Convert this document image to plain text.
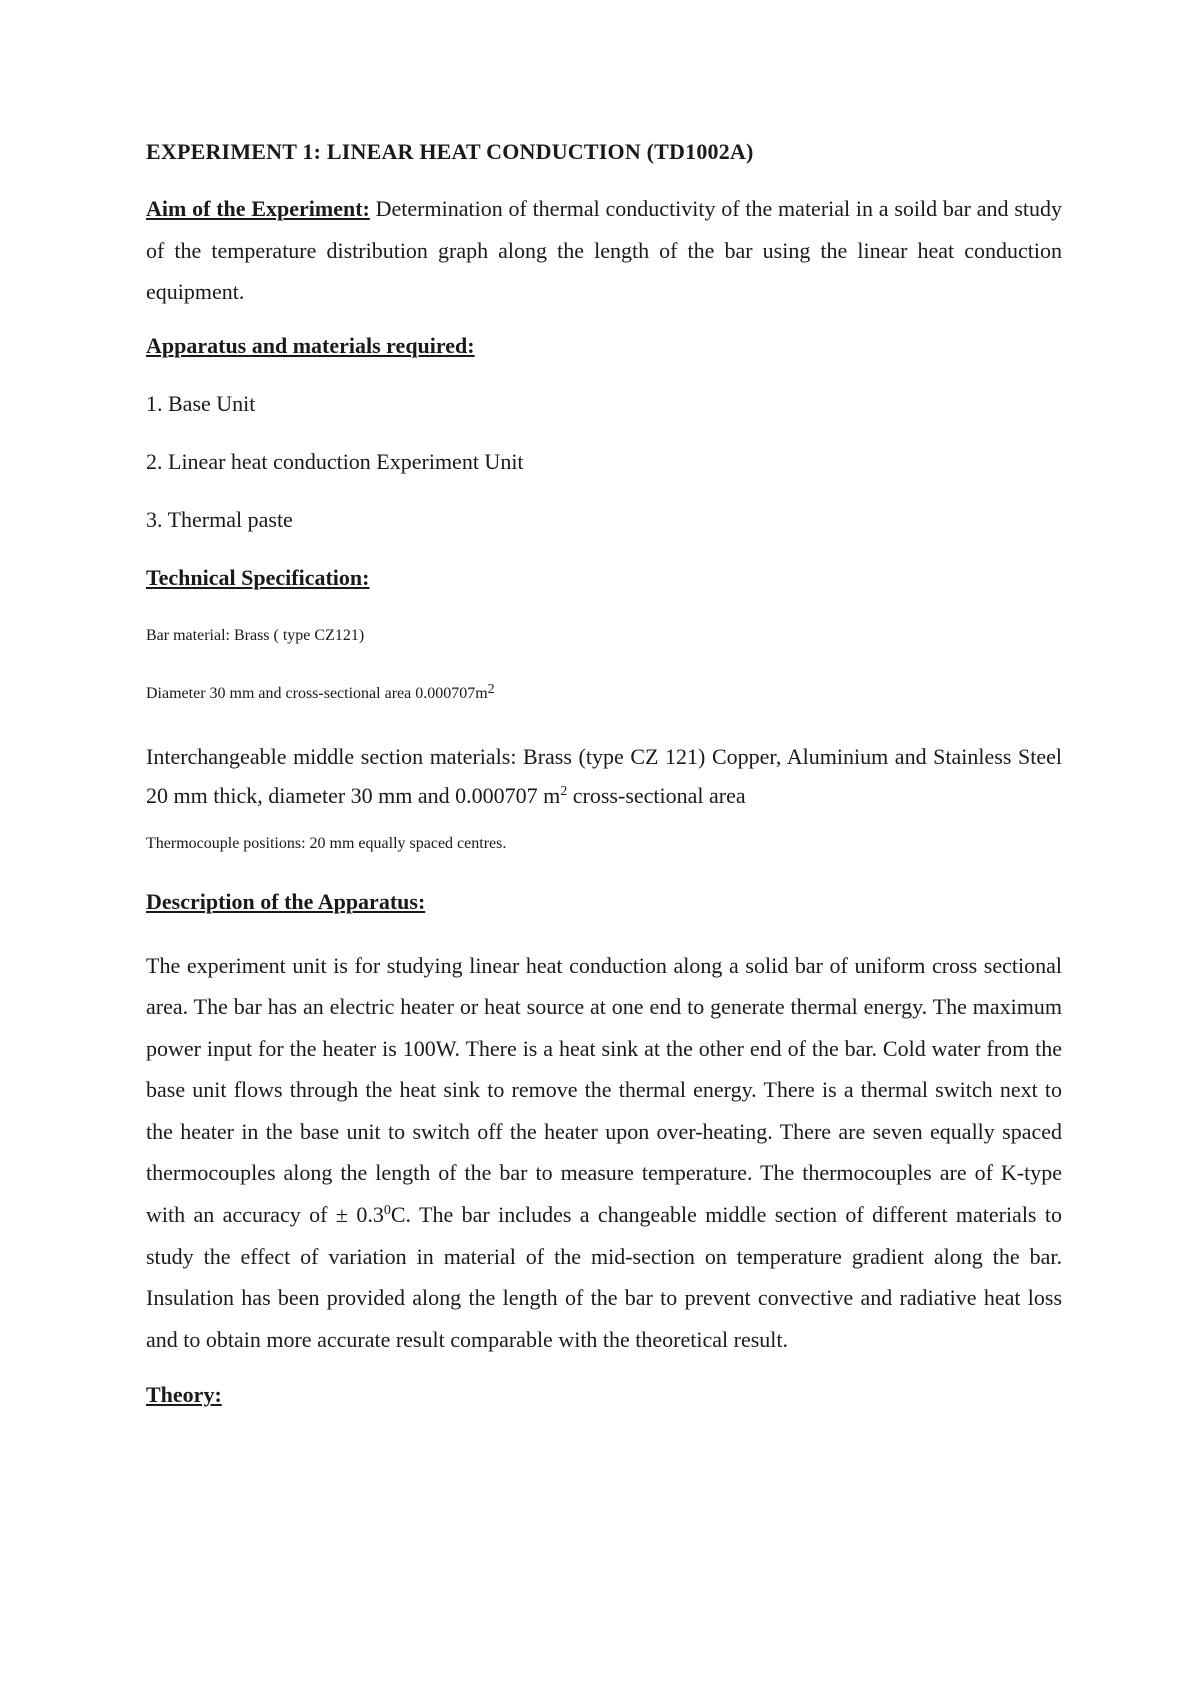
EXPERIMENT 1: LINEAR HEAT CONDUCTION (TD1002A)

Aim of the Experiment: Determination of thermal conductivity of the material in a soild bar and study of the temperature distribution graph along the length of the bar using the linear heat conduction equipment.

Apparatus and materials required:
1. Base Unit
2. Linear heat conduction Experiment Unit
3. Thermal paste
Technical Specification:
Bar material: Brass ( type CZ121)
Diameter 30 mm and cross-sectional area $0.000707m^2$

Interchangeable middle section materials: Brass (type CZ 121) Copper, Aluminium and Stainless Steel 20 mm thick, diameter 30 mm and 0.000707 $m^2$ cross-sectional area

Thermocouple positions: 20 mm equally spaced centres.
Description of the Apparatus:

The experiment unit is for studying linear heat conduction along a solid bar of uniform cross sectional area. The bar has an electric heater or heat source at one end to generate thermal energy. The maximum power input for the heater is 100W. There is a heat sink at the other end of the bar. Cold water from the base unit flows through the heat sink to remove the thermal energy. There is a thermal switch next to the heater in the base unit to switch off the heater upon over-heating. There are seven equally spaced thermocouples along the length of the bar to measure temperature. The thermocouples are of K-type with an accuracy of ± $0.3^0C$. The bar includes a changeable middle section of different materials to study the effect of variation in material of the mid-section on temperature gradient along the bar. Insulation has been provided along the length of the bar to prevent convective and radiative heat loss and to obtain more accurate result comparable with the theoretical result.

Theory:
